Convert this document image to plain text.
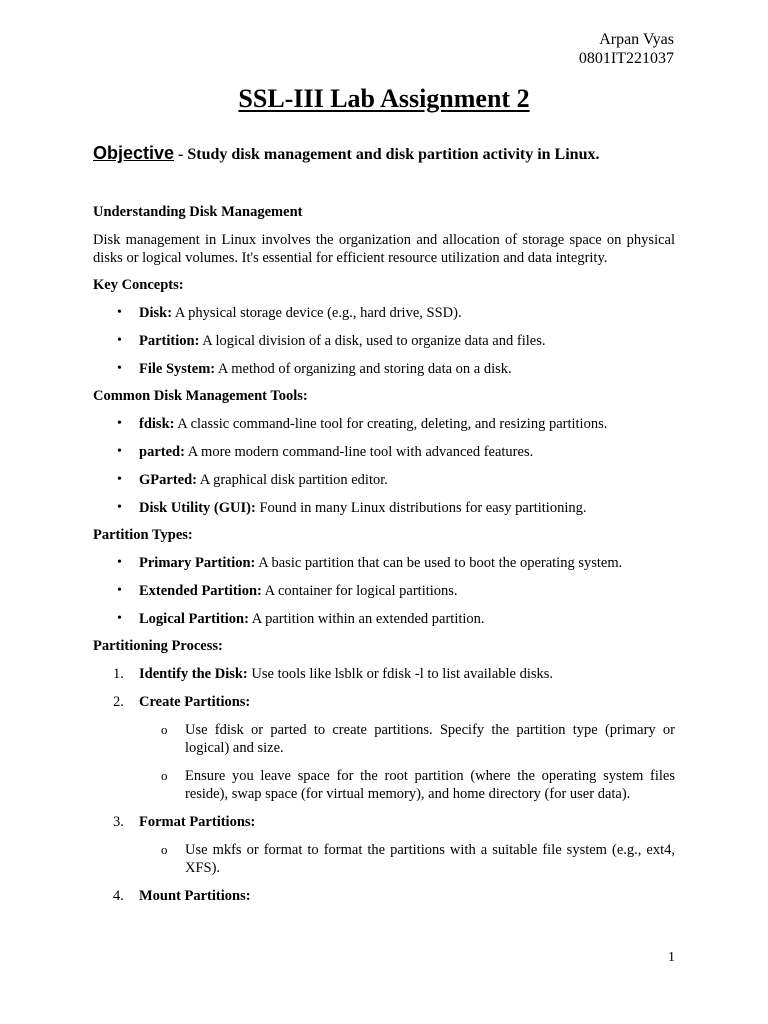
Arpan Vyas
0801IT221037
SSL-III Lab Assignment 2
Objective - Study disk management and disk partition activity in Linux.

Understanding Disk Management

Disk management in Linux involves the organization and allocation of storage space on physical disks or logical volumes. It's essential for efficient resource utilization and data integrity.

Key Concepts:

• Disk: A physical storage device (e.g., hard drive, SSD).
• Partition: A logical division of a disk, used to organize data and files.
• File System: A method of organizing and storing data on a disk.

Common Disk Management Tools:

• fdisk: A classic command-line tool for creating, deleting, and resizing partitions.
• parted: A more modern command-line tool with advanced features.
• GParted: A graphical disk partition editor.
• Disk Utility (GUI): Found in many Linux distributions for easy partitioning.

Partition Types:

• Primary Partition: A basic partition that can be used to boot the operating system.
• Extended Partition: A container for logical partitions.
• Logical Partition: A partition within an extended partition.

Partitioning Process:

1. Identify the Disk: Use tools like lsblk or fdisk -l to list available disks.
2. Create Partitions:
o Use fdisk or parted to create partitions. Specify the partition type (primary or logical) and size.
o Ensure you leave space for the root partition (where the operating system files reside), swap space (for virtual memory), and home directory (for user data).
3. Format Partitions:
o Use mkfs or format to format the partitions with a suitable file system (e.g., ext4, XFS).
4. Mount Partitions:
1
